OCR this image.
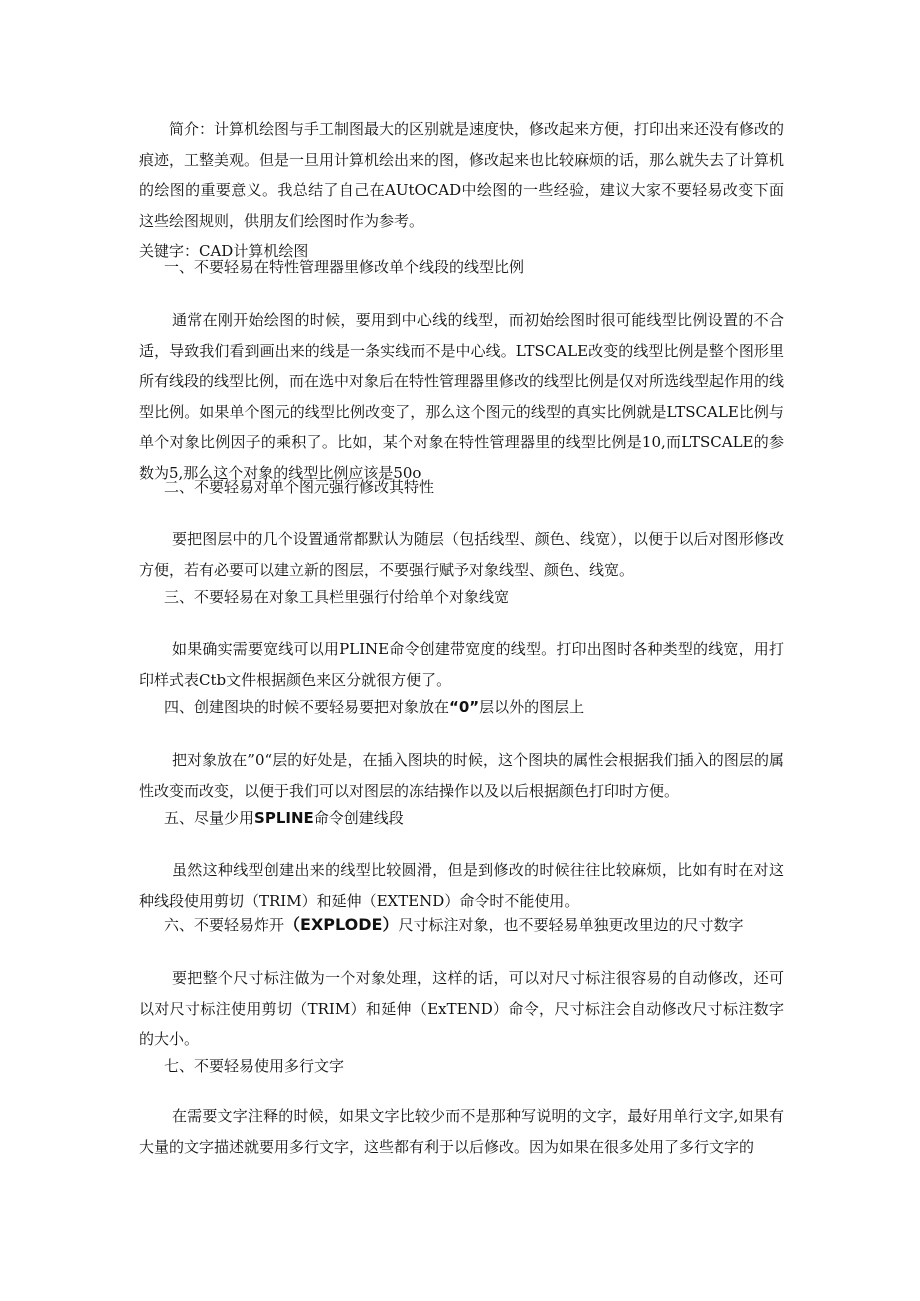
简介：计算机绘图与手工制图最大的区别就是速度快，修改起来方便，打印出来还没有修改的痕迹，工整美观。但是一旦用计算机绘出来的图，修改起来也比较麻烦的话，那么就失去了计算机的绘图的重要意义。我总结了自己在AUtOCAD中绘图的一些经验，建议大家不要轻易改变下面这些绘图规则，供朋友们绘图时作为参考。

关键字：CAD计算机绘图
一、不要轻易在特性管理器里修改单个线段的线型比例

通常在刚开始绘图的时候，要用到中心线的线型，而初始绘图时很可能线型比例设置的不合适，导致我们看到画出来的线是一条实线而不是中心线。LTSCALE改变的线型比例是整个图形里所有线段的线型比例，而在选中对象后在特性管理器里修改的线型比例是仅对所选线型起作用的线型比例。如果单个图元的线型比例改变了，那么这个图元的线型的真实比例就是LTSCALE比例与单个对象比例因子的乘积了。比如，某个对象在特性管理器里的线型比例是10,而LTSCALE的参数为5,那么这个对象的线型比例应该是50o

二、不要轻易对单个图元强行修改其特性

要把图层中的几个设置通常都默认为随层（包括线型、颜色、线宽），以便于以后对图形修改方便，若有必要可以建立新的图层，不要强行赋予对象线型、颜色、线宽。

三、不要轻易在对象工具栏里强行付给单个对象线宽

如果确实需要宽线可以用PLINE命令创建带宽度的线型。打印出图时各种类型的线宽，用打印样式表Ctb文件根据颜色来区分就很方便了。

四、创建图块的时候不要轻易要把对象放在“0”层以外的图层上

把对象放在”0“层的好处是，在插入图块的时候，这个图块的属性会根据我们插入的图层的属性改变而改变，以便于我们可以对图层的冻结操作以及以后根据颜色打印时方便。

五、尽量少用SPLINE命令创建线段

虽然这种线型创建出来的线型比较圆滑，但是到修改的时候往往比较麻烦，比如有时在对这种线段使用剪切（TRIM）和延伸（EXTEND）命令时不能使用。

六、不要轻易炸开（EXPLODE）尺寸标注对象，也不要轻易单独更改里边的尺寸数字

要把整个尺寸标注做为一个对象处理，这样的话，可以对尺寸标注很容易的自动修改，还可以对尺寸标注使用剪切（TRIM）和延伸（ExTEND）命令，尺寸标注会自动修改尺寸标注数字的大小。

七、不要轻易使用多行文字

在需要文字注释的时候，如果文字比较少而不是那种写说明的文字，最好用单行文字,如果有大量的文字描述就要用多行文字，这些都有利于以后修改。因为如果在很多处用了多行文字的
